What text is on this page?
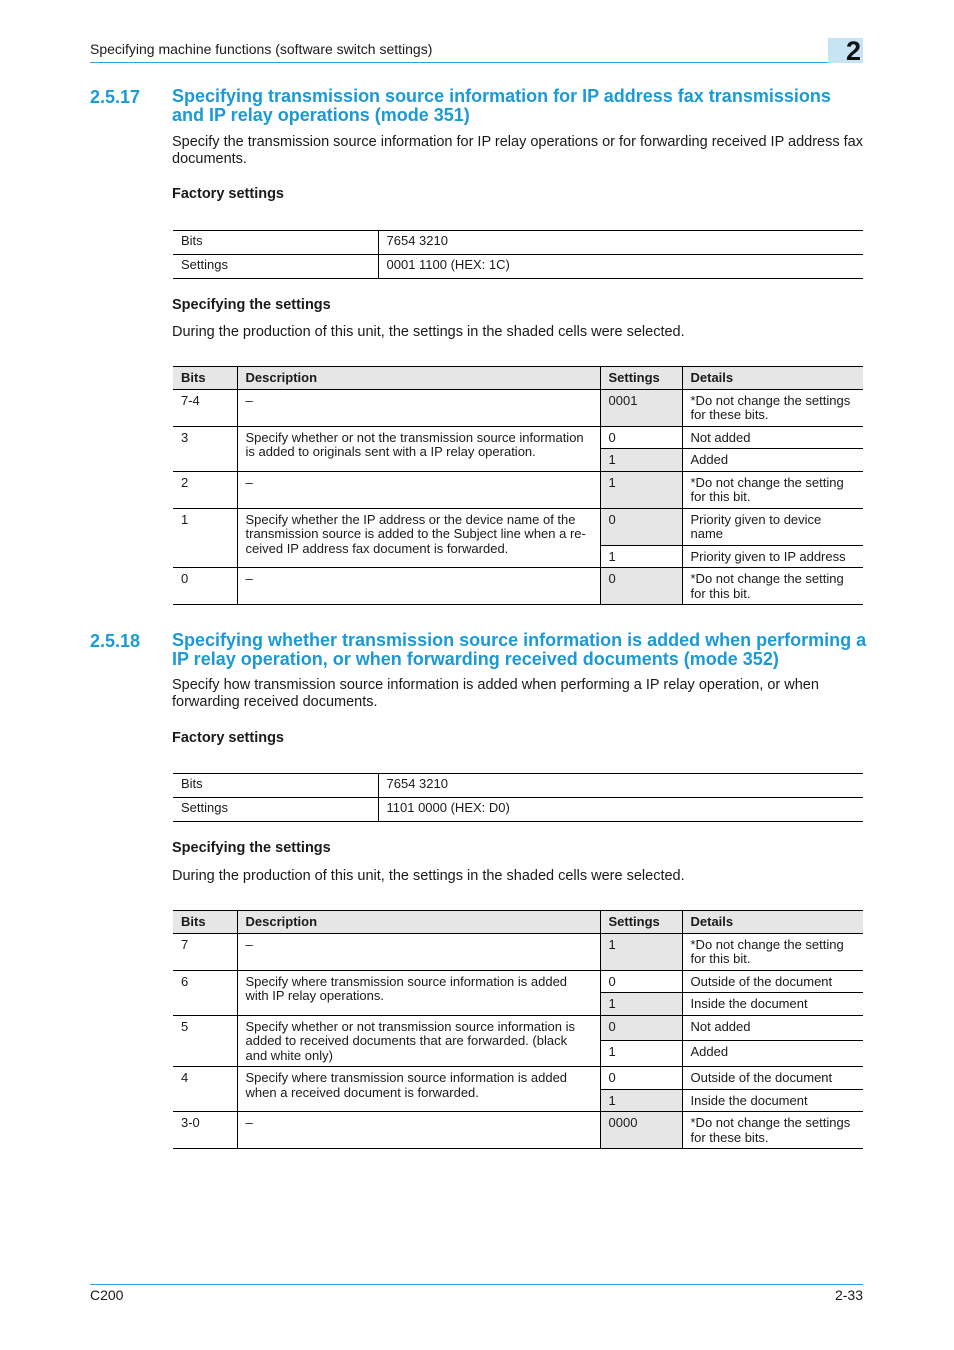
Specifying machine functions (software switch settings)	2
2.5.17 Specifying transmission source information for IP address fax transmissions and IP relay operations (mode 351)
Specify the transmission source information for IP relay operations or for forwarding received IP address fax documents.
Factory settings
Bits	7654 3210
Settings	0001 1100 (HEX: 1C)
Specifying the settings
During the production of this unit, the settings in the shaded cells were selected.
Bits	Description	Settings	Details
7-4	–	0001	*Do not change the settings for these bits.
3	Specify whether or not the transmission source information is added to originals sent with a IP relay operation.	0	Not added
		1	Added
2	–	1	*Do not change the setting for this bit.
1	Specify whether the IP address or the device name of the transmission source is added to the Subject line when a re-ceived IP address fax document is forwarded.	0	Priority given to device name
		1	Priority given to IP address
0	–	0	*Do not change the setting for this bit.
2.5.18 Specifying whether transmission source information is added when performing a IP relay operation, or when forwarding received documents (mode 352)
Specify how transmission source information is added when performing a IP relay operation, or when forwarding received documents.
Factory settings
Bits	7654 3210
Settings	1101 0000 (HEX: D0)
Specifying the settings
During the production of this unit, the settings in the shaded cells were selected.
Bits	Description	Settings	Details
7	–	1	*Do not change the setting for this bit.
6	Specify where transmission source information is added with IP relay operations.	0	Outside of the document
		1	Inside the document
5	Specify whether or not transmission source information is added to received documents that are forwarded. (black and white only)	0	Not added
		1	Added
4	Specify where transmission source information is added when a received document is forwarded.	0	Outside of the document
		1	Inside the document
3-0	–	0000	*Do not change the settings for these bits.
C200	2-33
